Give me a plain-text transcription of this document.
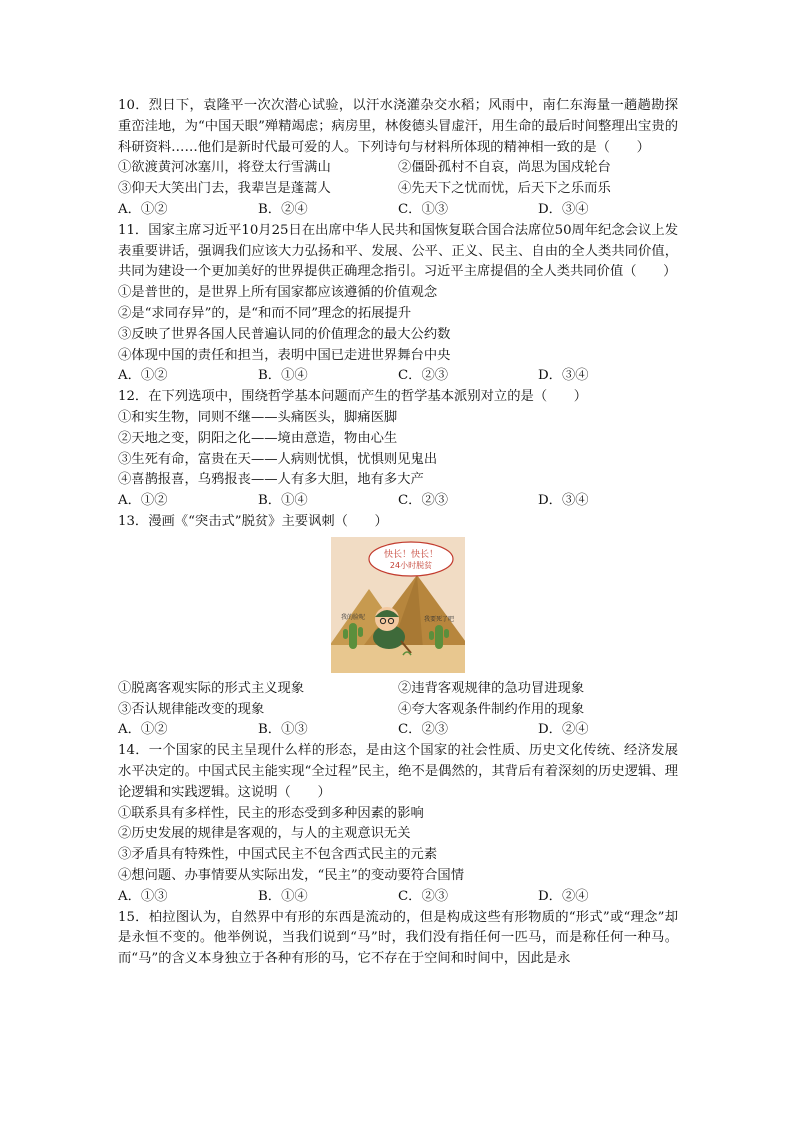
10．烈日下，袁隆平一次次潜心试验，以汗水浇灌杂交水稻；风雨中，南仁东海量一趟趟勘探重峦洼地，为“中国天眼”殚精竭虑；病房里，林俊德头冒虚汗，用生命的最后时间整理出宝贵的科研资料……他们是新时代最可爱的人。下列诗句与材料所体现的精神相一致的是（　　）

①欲渡黄河冰塞川，将登太行雪满山	②僵卧孤村不自哀，尚思为国戍轮台
③仰天大笑出门去，我辈岂是蓬蒿人	④先天下之忧而忧，后天下之乐而乐
A．①②	B．②④	C．①③	D．③④

11．国家主席习近平10月25日在出席中华人民共和国恢复联合国合法席位50周年纪念会议上发表重要讲话，强调我们应该大力弘扬和平、发展、公平、正义、民主、自由的全人类共同价值，共同为建设一个更加美好的世界提供正确理念指引。习近平主席提倡的全人类共同价值（　　）

①是普世的，是世界上所有国家都应该遵循的价值观念

②是“求同存异”的，是“和而不同”理念的拓展提升

③反映了世界各国人民普遍认同的价值理念的最大公约数

④体现中国的责任和担当，表明中国已走进世界舞台中央

A．①②	B．①④	C．②③	D．③④

12．在下列选项中，围绕哲学基本问题而产生的哲学基本派别对立的是（　　）

①和实生物，同则不继——头痛医头，脚痛医脚

②天地之变，阴阳之化——境由意造，物由心生

③生死有命，富贵在天——人病则忧惧，忧惧则见鬼出

④喜鹊报喜，乌鸦报丧——人有多大胆，地有多大产

A．①②	B．①④	C．②③	D．③④

13．漫画《“突击式”脱贫》主要讽刺（　　）

快长！快长！
24小时脱贫
我的脸呢	我要死了吧
①脱离客观实际的形式主义现象	②违背客观规律的急功冒进现象
③否认规律能改变的现象	④夸大客观条件制约作用的现象
A．①②	B．①③	C．②③	D．②④

14．一个国家的民主呈现什么样的形态，是由这个国家的社会性质、历史文化传统、经济发展水平决定的。中国式民主能实现“全过程”民主，绝不是偶然的，其背后有着深刻的历史逻辑、理论逻辑和实践逻辑。这说明（　　）

①联系具有多样性，民主的形态受到多种因素的影响

②历史发展的规律是客观的，与人的主观意识无关

③矛盾具有特殊性，中国式民主不包含西式民主的元素

④想问题、办事情要从实际出发，“民主”的变动要符合国情

A．①③	B．①④	C．②③	D．②④

15．柏拉图认为，自然界中有形的东西是流动的，但是构成这些有形物质的“形式”或“理念”却是永恒不变的。他举例说，当我们说到“马”时，我们没有指任何一匹马，而是称任何一种马。而“马”的含义本身独立于各种有形的马，它不存在于空间和时间中，因此是永
